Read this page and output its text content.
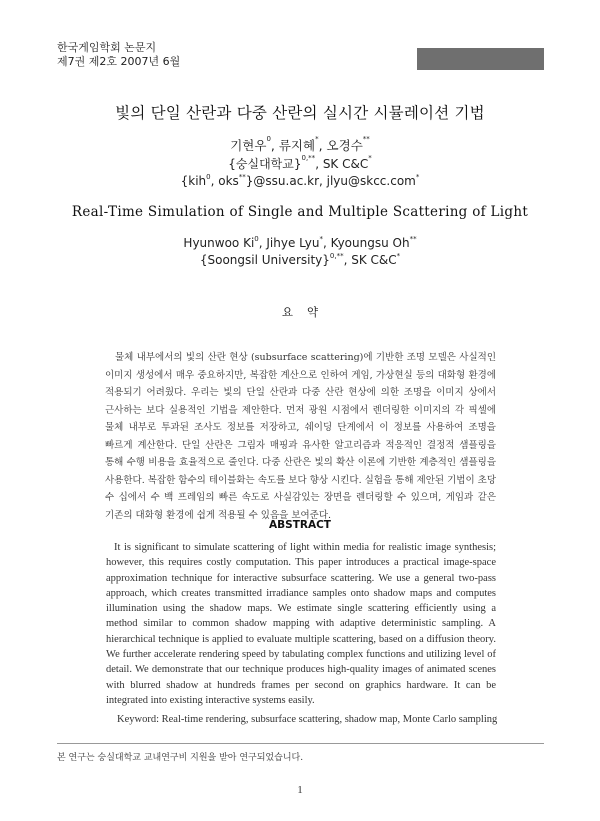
한국게임학회 논문지
제7권 제2호 2007년 6월
빛의 단일 산란과 다중 산란의 실시간 시뮬레이션 기법
기현우$^0$, 류지혜*, 오경수**
{숭실대학교}$^{0,**}$, SK C&C*
{kih$^0$, oks**}@ssu.ac.kr, jlyu@skcc.com*
Real-Time Simulation of Single and Multiple Scattering of Light
Hyunwoo Ki$^0$, Jihye Lyu*, Kyoungsu Oh**
{Soongsil University}$^{0,**}$, SK C&C*
요약
물체 내부에서의 빛의 산란 현상 (subsurface scattering)에 기반한 조명 모델은 사실적인 이미지 생성에서 매우 중요하지만, 복잡한 계산으로 인하여 게임, 가상현실 등의 대화형 환경에 적용되기 어려웠다. 우리는 빛의 단일 산란과 다중 산란 현상에 의한 조명을 이미지 상에서 근사하는 보다 실용적인 기법을 제안한다. 먼저 광원 시점에서 렌더링한 이미지의 각 픽셀에 물체 내부로 투과된 조사도 정보를 저장하고, 쉐이딩 단계에서 이 정보를 사용하여 조명을 빠르게 계산한다. 단일 산란은 그림자 매핑과 유사한 알고리즘과 적응적인 결정적 샘플링을 통해 수행 비용을 효율적으로 줄인다. 다중 산란은 빛의 확산 이론에 기반한 계층적인 샘플링을 사용한다. 복잡한 함수의 테이블화는 속도를 보다 향상 시킨다. 실험을 통해 제안된 기법이 초당 수 십에서 수 백 프레임의 빠른 속도로 사실감있는 장면을 렌더링할 수 있으며, 게임과 같은 기존의 대화형 환경에 쉽게 적용될 수 있음을 보여준다.
ABSTRACT
It is significant to simulate scattering of light within media for realistic image synthesis; however, this requires costly computation. This paper introduces a practical image-space approximation technique for interactive subsurface scattering. We use a general two-pass approach, which creates transmitted irradiance samples onto shadow maps and computes illumination using the shadow maps. We estimate single scattering efficiently using a method similar to common shadow mapping with adaptive deterministic sampling. A hierarchical technique is applied to evaluate multiple scattering, based on a diffusion theory. We further accelerate rendering speed by tabulating complex functions and utilizing level of detail. We demonstrate that our technique produces high-quality images of animated scenes with blurred shadow at hundreds frames per second on graphics hardware. It can be integrated into existing interactive systems easily.
Keyword: Real-time rendering, subsurface scattering, shadow map, Monte Carlo sampling
본 연구는 숭실대학교 교내연구비 지원을 받아 연구되었습니다.
1
